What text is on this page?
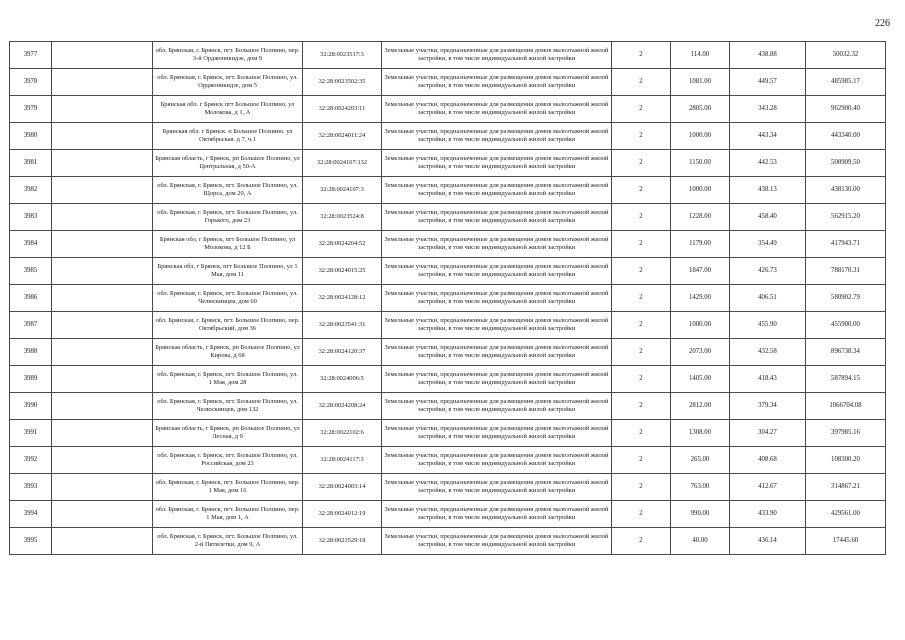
226
3977		обл. Брянская, г. Брянск, пгт. Большое Полпино, пер. 3-й Орджоникидзе, дом 9	32:28:0023517:3	Земельные участки, предназначенные для размещения домов малоэтажной жилой застройки, в том числе индивидуальной жилой застройки	2	114.00	438.88	50032.32
3978		обл. Брянская, г. Брянск, пгт. Большое Полпино, ул. Орджоникидзе, дом 5	32:28:0023502:35	Земельные участки, предназначенные для размещения домов малоэтажной жилой застройки, в том числе индивидуальной жилой застройки	2	1081.00	449.57	485985.17
3979		Брянская обл. г Брянск пгт Большое Полпино, ул Молокова, д 1, А	32:28:0024203:11	Земельные участки, предназначенные для размещения домов малоэтажной жилой застройки, в том числе индивидуальной жилой застройки	2	2805.00	343.28	962900.40
3980		Брянская обл. г Брянск. п Большое Полпино. ул Октябрьская. д 7, ч.1	32:28:0024011:24	Земельные участки, предназначенные для размещения домов малоэтажной жилой застройки, в том числе индивидуальной жилой застройки	2	1000.00	443.34	443340.00
3981		Брянская область, г Брянск, рп Большое Полпино, ул Центральная, д 50-А	32:28:0024107:132	Земельные участки, предназначенные для размещения домов малоэтажной жилой застройки, в том числе индивидуальной жилой застройки	2	1150.00	442.53	508909.50
3982		обл. Брянская, г. Брянск, пгт. Большое Полпино, ул. Щорса, дом 20, А	32:28:0024107:3	Земельные участки, предназначенные для размещения домов малоэтажной жилой застройки, в том числе индивидуальной жилой застройки	2	1000.00	438.13	438130.00
3983		обл. Брянская, г. Брянск, пгт. Большое Полпино, ул. Горького, дом 23	32:28:0023524:8	Земельные участки, предназначенные для размещения домов малоэтажной жилой застройки, в том числе индивидуальной жилой застройки	2	1228.00	458.40	562915.20
3984		Брянская обл, г Брянск, пгт Большое Полпино, ул Молокова, д 12 Б	32:28:0024204:52	Земельные участки, предназначенные для размещения домов малоэтажной жилой застройки, в том числе индивидуальной жилой застройки	2	1179.00	354.49	417943.71
3985		Брянская обл, г Брянск, пгт Большое Полпино, ул 1 Мая, дом 11	32:28:0024015:25	Земельные участки, предназначенные для размещения домов малоэтажной жилой застройки, в том числе индивидуальной жилой застройки	2	1847.00	426.73	788170.31
3986		обл. Брянская, г. Брянск, пгт. Большое Полпино, ул. Челюскинцев, дом 60	32:28:0024128:12	Земельные участки, предназначенные для размещения домов малоэтажной жилой застройки, в том числе индивидуальной жилой застройки	2	1429.00	406.51	580902.79
3987		обл. Брянская, г. Брянск, пгт. Большое Полпино, пер. Октябрьский, дом 36	32:28:0023541:31	Земельные участки, предназначенные для размещения домов малоэтажной жилой застройки, в том числе индивидуальной жилой застройки	2	1000.00	455.90	455900.00
3988		Брянская область, г Брянск, рп Большое Полпино, ул Кирова, д 68	32:28:0024120:37	Земельные участки, предназначенные для размещения домов малоэтажной жилой застройки, в том числе индивидуальной жилой застройки	2	2073.00	432.58	896738.34
3989		обл. Брянская, г. Брянск, пгт. Большое Полпино, ул. 1 Мая, дом 28	32:28:0024006:5	Земельные участки, предназначенные для размещения домов малоэтажной жилой застройки, в том числе индивидуальной жилой застройки	2	1405.00	418.43	587894.15
3990		обл. Брянская, г. Брянск, пгт. Большое Полпино, ул. Челюскинцев, дом 132	32:28:0024208:24	Земельные участки, предназначенные для размещения домов малоэтажной жилой застройки, в том числе индивидуальной жилой застройки	2	2812.00	379.34	1066704.08
3991		Брянская область, г Брянск, рп Большое Полпино, ул Лесная, д 9	32:28:0022102:6	Земельные участки, предназначенные для размещения домов малоэтажной жилой застройки, в том числе индивидуальной жилой застройки	2	1308.00	304.27	397985.16
3992		обл. Брянская, г. Брянск, пгт. Большое Полпино, ул. Российская, дом 23	32:28:0024117:3	Земельные участки, предназначенные для размещения домов малоэтажной жилой застройки, в том числе индивидуальной жилой застройки	2	265.00	408.68	108300.20
3993		обл. Брянская, г. Брянск, пгт. Большое Полпино, пер. 1 Мая, дом 16	32:28:0024003:14	Земельные участки, предназначенные для размещения домов малоэтажной жилой застройки, в том числе индивидуальной жилой застройки	2	763.00	412.67	314867.21
3994		обл. Брянская, г. Брянск, пгт. Большое Полпино, пер. 1 Мая, дом 1, А	32:28:0024012:19	Земельные участки, предназначенные для размещения домов малоэтажной жилой застройки, в том числе индивидуальной жилой застройки	2	990.00	433.90	429561.00
3995		обл. Брянская, г. Брянск, пгт. Большое Полпино, ул. 2-й Пятилетки, дом 9, А	32:28:0023529:18	Земельные участки, предназначенные для размещения домов малоэтажной жилой застройки, в том числе индивидуальной жилой застройки	2	40.00	436.14	17445.60
